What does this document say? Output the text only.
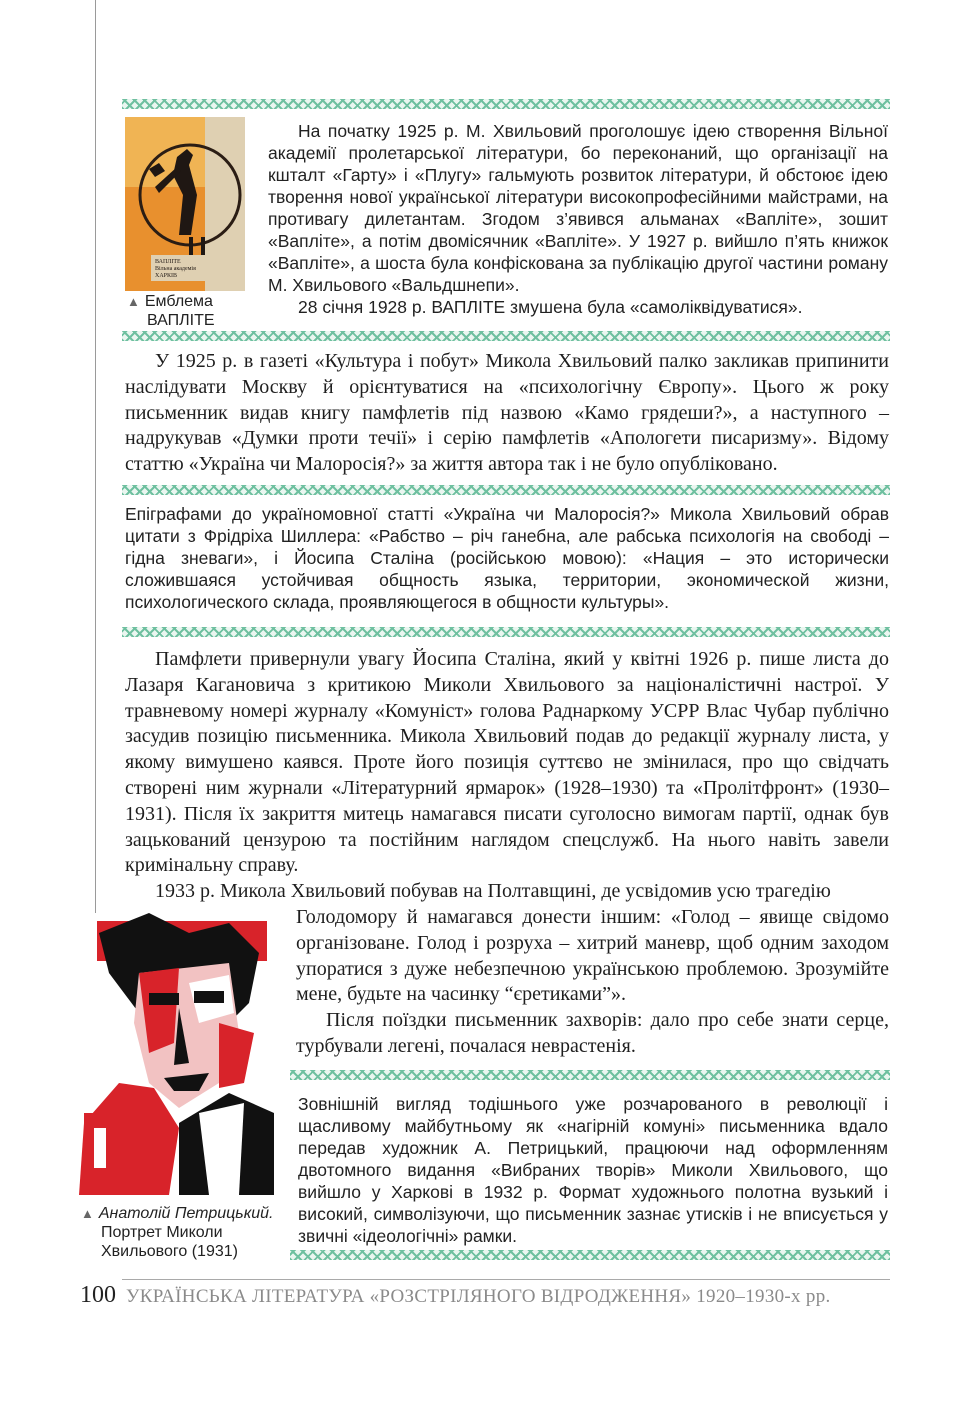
ВАПЛІТЕ
Вільна академія
ХАРКІВ
▲ Емблема
ВАПЛІТЕ

На початку 1925 р. М. Хвильовий проголошує ідею створення Вільної академії пролетарської літератури, бо переконаний, що організації на кшталт «Гарту» і «Плугу» гальмують розвиток літератури, й обстоює ідею творення нової української літератури високопрофесійними майстрами, на противагу дилетантам. Згодом з’явився альманах «Вапліте», зошит «Вапліте», а потім двомісячник «Вапліте». У 1927 р. вийшло п’ять книжок «Вапліте», а шоста була конфіскована за публікацію другої частини роману М. Хвильового «Вальдшнепи».

28 січня 1928 р. ВАПЛІТЕ змушена була «самоліквідуватися».

У 1925 р. в газеті «Культура і побут» Микола Хвильовий палко закликав припинити наслідувати Москву й орієнтуватися на «психологічну Європу». Цього ж року письменник видав книгу памфлетів під назвою «Камо грядеши?», а наступного – надрукував «Думки проти течії» і серію памфлетів «Апологети писаризму». Відому статтю «Україна чи Малоросія?» за життя автора так і не було опубліковано.

Епіграфами до україномовної статті «Україна чи Малоросія?» Микола Хвильовий обрав цитати з Фрідріха Шиллера: «Рабство – річ ганебна, але рабська психологія на свободі – гідна зневаги», і Йосипа Сталіна (російською мовою): «Нация – это исторически сложившаяся устойчивая общность языка, территории, экономической жизни, психологического склада, проявляющегося в общности культуры».

Памфлети привернули увагу Йосипа Сталіна, який у квітні 1926 р. пише листа до Лазаря Кагановича з критикою Миколи Хвильового за націоналістичні настрої. У травневому номері журналу «Комуніст» голова Раднаркому УСРР Влас Чубар публічно засудив позицію письменника. Микола Хвильовий подав до редакції журналу листа, у якому вимушено каявся. Проте його позиція суттєво не змінилася, про що свідчать створені ним журнали «Літературний ярмарок» (1928–1930) та «Пролітфронт» (1930–1931). Після їх закриття митець намагався писати суголосно вимогам партії, однак був зацькований цензурою та постійним наглядом спецслужб. На нього навіть завели кримінальну справу.

1933 р. Микола Хвильовий побував на Полтавщині, де усвідомив усю трагедію

▲ Анатолій Петрицький.
Портрет Миколи
Хвильового (1931)

Голодомору й намагався донести іншим: «Голод – явище свідомо організоване. Голод і розруха – хитрий маневр, щоб одним заходом упоратися з дуже небезпечною українською проблемою. Зрозумійте мене, будьте на часинку “єретиками”».

Після поїздки письменник захворів: дало про себе знати серце, турбували легені, почалася неврастенія.

Зовнішній вигляд тодішнього уже розчарованого в революції і щасливому майбутньому як «нагірній комуні» письменника вдало передав художник А. Петрицький, працюючи над оформленням двотомного видання «Вибраних творів» Миколи Хвильового, що вийшло у Харкові в 1932 р. Формат художнього полотна вузький і високий, символізуючи, що письменник зазнає утисків і не вписується у звичні «ідеологічні» рамки.

100 УКРАЇНСЬКА ЛІТЕРАТУРА «РОЗСТРІЛЯНОГО ВІДРОДЖЕННЯ» 1920–1930-х рр.
